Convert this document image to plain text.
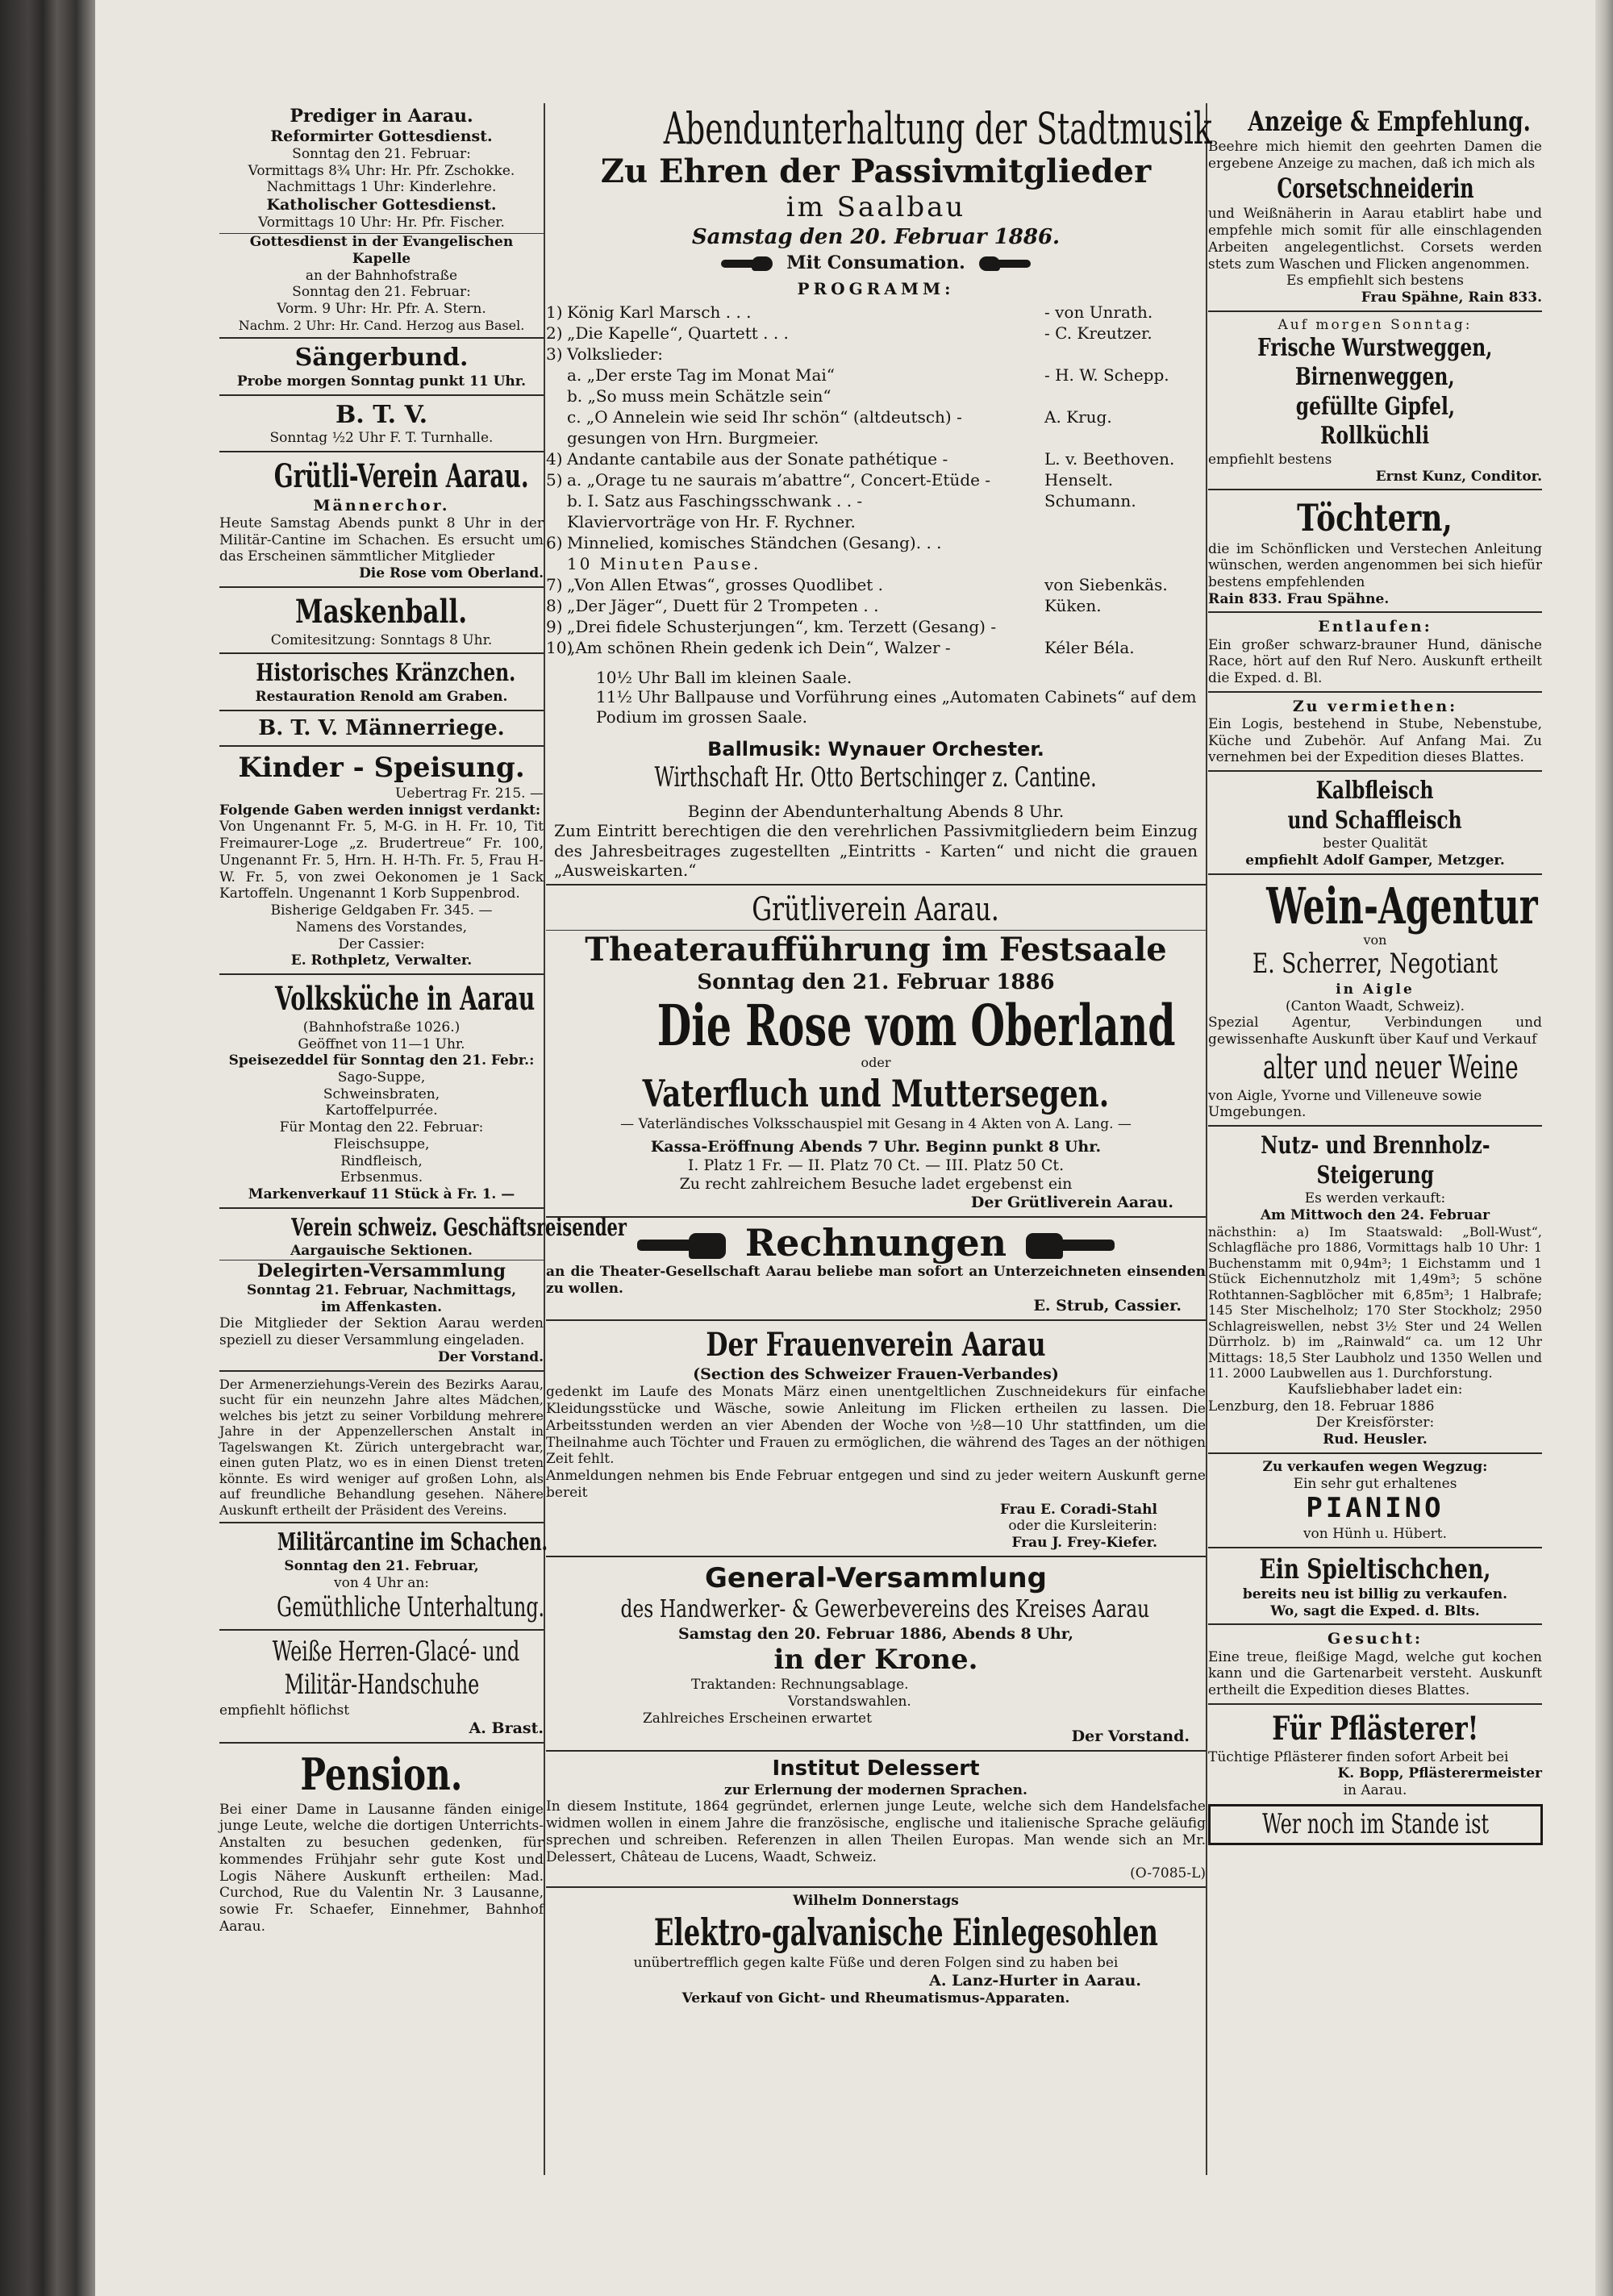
Prediger in Aarau.
Reformirter Gottesdienst.
Sonntag den 21. Februar:
Vormittags 8¾ Uhr: Hr. Pfr. Zschokke.
Nachmittags 1 Uhr: Kinderlehre.
Katholischer Gottesdienst.
Vormittags 10 Uhr: Hr. Pfr. Fischer.
Gottesdienst in der Evangelischen Kapelle
an der Bahnhofstraße
Sonntag den 21. Februar:
Vorm. 9 Uhr: Hr. Pfr. A. Stern.
Nachm. 2 Uhr: Hr. Cand. Herzog aus Basel.
Sängerbund.
Probe morgen Sonntag punkt 11 Uhr.
B. T. V.
Sonntag ½2 Uhr F. T. Turnhalle.
Grütli-Verein Aarau.
Männerchor.
Heute Samstag Abends punkt 8 Uhr in der Militär-Cantine im Schachen. Es ersucht um das Erscheinen sämmtlicher Mitglieder
Die Rose vom Oberland.
Maskenball.
Comitesitzung: Sonntags 8 Uhr.
Historisches Kränzchen.
Restauration Renold am Graben.
B. T. V. Männerriege.
Kinder - Speisung.
Uebertrag Fr. 215. —
Folgende Gaben werden innigst verdankt:
Von Ungenannt Fr. 5, M-G. in H. Fr. 10, Tit Freimaurer-Loge „z. Brudertreue“ Fr. 100, Ungenannt Fr. 5, Hrn. H. H-Th. Fr. 5, Frau H-W. Fr. 5, von zwei Oekonomen je 1 Sack Kartoffeln. Ungenannt 1 Korb Suppenbrod.
Bisherige Geldgaben Fr. 345. —
Namens des Vorstandes,
Der Cassier:
E. Rothpletz, Verwalter.
Volksküche in Aarau
(Bahnhofstraße 1026.)
Geöffnet von 11—1 Uhr.
Speisezeddel für Sonntag den 21. Febr.:
Sago-Suppe,
Schweinsbraten,
Kartoffelpurrée.
Für Montag den 22. Februar:
Fleischsuppe,
Rindfleisch,
Erbsenmus.
Markenverkauf 11 Stück à Fr. 1. —
Verein schweiz. Geschäftsreisender
Aargauische Sektionen.
Delegirten-Versammlung
Sonntag 21. Februar, Nachmittags,
im Affenkasten.
Die Mitglieder der Sektion Aarau werden speziell zu dieser Versammlung eingeladen.
Der Vorstand.
Der Armenerziehungs-Verein des Bezirks Aarau, sucht für ein neunzehn Jahre altes Mädchen, welches bis jetzt zu seiner Vorbildung mehrere Jahre in der Appenzellerschen Anstalt in Tagelswangen Kt. Zürich untergebracht war, einen guten Platz, wo es in einen Dienst treten könnte. Es wird weniger auf großen Lohn, als auf freundliche Behandlung gesehen. Nähere Auskunft ertheilt der Präsident des Vereins.
Militärcantine im Schachen.
Sonntag den 21. Februar,
von 4 Uhr an:
Gemüthliche Unterhaltung.
Weiße Herren-Glacé- und
Militär-Handschuhe
empfiehlt höflichst
A. Brast.
Pension.
Bei einer Dame in Lausanne fänden einige junge Leute, welche die dortigen Unterrichts-Anstalten zu besuchen gedenken, für kommendes Frühjahr sehr gute Kost und Logis Nähere Auskunft ertheilen: Mad. Curchod, Rue du Valentin Nr. 3 Lausanne, sowie Fr. Schaefer, Einnehmer, Bahnhof Aarau.
Abendunterhaltung der Stadtmusik
Zu Ehren der Passivmitglieder
im Saalbau
Samstag den 20. Februar 1886.
Mit Consumation.
PROGRAMM:
1) König Karl Marsch . . .	- von Unrath.
2) „Die Kapelle“, Quartett . . .	- C. Kreutzer.
3) Volkslieder:
a. „Der erste Tag im Monat Mai“	- H. W. Schepp.
b. „So muss mein Schätzle sein“
c. „O Annelein wie seid Ihr schön“ (altdeutsch) -	A. Krug.
gesungen von Hrn. Burgmeier.
4) Andante cantabile aus der Sonate pathétique -	L. v. Beethoven.
5) a. „Orage tu ne saurais m’abattre“, Concert-Etüde -	Henselt.
b. I. Satz aus Faschingsschwank . . -	Schumann.
Klaviervorträge von Hr. F. Rychner.
6) Minnelied, komisches Ständchen (Gesang). . .
10 Minuten Pause.
7) „Von Allen Etwas“, grosses Quodlibet .	von Siebenkäs.
8) „Der Jäger“, Duett für 2 Trompeten . .	Küken.
9) „Drei fidele Schusterjungen“, km. Terzett (Gesang) -
10)
„Am schönen Rhein gedenk ich Dein“, Walzer -	Kéler Béla.
10½ Uhr Ball im kleinen Saale.
11½ Uhr Ballpause und Vorführung eines „Automaten Cabinets“ auf dem Podium im grossen Saale.
Ballmusik: Wynauer Orchester.
Wirthschaft Hr. Otto Bertschinger z. Cantine.
Beginn der Abendunterhaltung Abends 8 Uhr.
Zum Eintritt berechtigen die den verehrlichen Passivmitgliedern beim Einzug des Jahresbeitrages zugestellten „Eintritts - Karten“ und nicht die grauen „Ausweiskarten.“
Grütliverein Aarau.
Theateraufführung im Festsaale
Sonntag den 21. Februar 1886
Die Rose vom Oberland
oder
Vaterfluch und Muttersegen.
— Vaterländisches Volksschauspiel mit Gesang in 4 Akten von A. Lang. —
Kassa-Eröffnung Abends 7 Uhr. Beginn punkt 8 Uhr.
I. Platz 1 Fr. — II. Platz 70 Ct. — III. Platz 50 Ct.
Zu recht zahlreichem Besuche ladet ergebenst ein
Der Grütliverein Aarau.
Rechnungen
an die Theater-Gesellschaft Aarau beliebe man sofort an Unterzeichneten einsenden zu wollen.
E. Strub, Cassier.
Der Frauenverein Aarau
(Section des Schweizer Frauen-Verbandes)
gedenkt im Laufe des Monats März einen unentgeltlichen Zuschneidekurs für einfache Kleidungsstücke und Wäsche, sowie Anleitung im Flicken ertheilen zu lassen. Die Arbeitsstunden werden an vier Abenden der Woche von ½8—10 Uhr stattfinden, um die Theilnahme auch Töchter und Frauen zu ermöglichen, die während des Tages an der nöthigen Zeit fehlt.
Anmeldungen nehmen bis Ende Februar entgegen und sind zu jeder weitern Auskunft gerne bereit
Frau E. Coradi-Stahl
oder die Kursleiterin:
Frau J. Frey-Kiefer.
General-Versammlung
des Handwerker- & Gewerbevereins des Kreises Aarau
Samstag den 20. Februar 1886, Abends 8 Uhr,
in der Krone.
Traktanden: Rechnungsablage.
Vorstandswahlen.
Zahlreiches Erscheinen erwartet
Der Vorstand.
Institut Delessert
zur Erlernung der modernen Sprachen.
In diesem Institute, 1864 gegründet, erlernen junge Leute, welche sich dem Handelsfache widmen wollen in einem Jahre die französische, englische und italienische Sprache geläufig sprechen und schreiben. Referenzen in allen Theilen Europas. Man wende sich an Mr. Delessert, Château de Lucens, Waadt, Schweiz.
(O-7085-L)
Wilhelm Donnerstags
Elektro-galvanische Einlegesohlen
unübertrefflich gegen kalte Füße und deren Folgen sind zu haben bei
A. Lanz-Hurter in Aarau.
Verkauf von Gicht- und Rheumatismus-Apparaten.
Anzeige & Empfehlung.
Beehre mich hiemit den geehrten Damen die ergebene Anzeige zu machen, daß ich mich als
Corsetschneiderin
und Weißnäherin in Aarau etablirt habe und empfehle mich somit für alle einschlagenden Arbeiten angelegentlichst. Corsets werden stets zum Waschen und Flicken angenommen.
Es empfiehlt sich bestens
Frau Spähne, Rain 833.
Auf morgen Sonntag:
Frische Wurstweggen,
Birnenweggen,
gefüllte Gipfel,
Rollküchli
empfiehlt bestens
Ernst Kunz, Conditor.
Töchtern,
die im Schönflicken und Verstechen Anleitung wünschen, werden angenommen bei sich hiefür bestens empfehlenden
Rain 833. Frau Spähne.
Entlaufen:
Ein großer schwarz-brauner Hund, dänische Race, hört auf den Ruf Nero. Auskunft ertheilt die Exped. d. Bl.
Zu vermiethen:
Ein Logis, bestehend in Stube, Nebenstube, Küche und Zubehör. Auf Anfang Mai. Zu vernehmen bei der Expedition dieses Blattes.
Kalbfleisch
und Schaffleisch
bester Qualität
empfiehlt Adolf Gamper, Metzger.
Wein-Agentur
von
E. Scherrer, Negotiant
in Aigle
(Canton Waadt, Schweiz).
Spezial Agentur, Verbindungen und gewissenhafte Auskunft über Kauf und Verkauf
alter und neuer Weine
von Aigle, Yvorne und Villeneuve sowie Umgebungen.
Nutz- und Brennholz-
Steigerung
Es werden verkauft:
Am Mittwoch den 24. Februar
nächsthin: a) Im Staatswald: „Boll-Wust“, Schlagfläche pro 1886, Vormittags halb 10 Uhr: 1 Buchenstamm mit 0,94m³; 1 Eichstamm und 1 Stück Eichennutzholz mit 1,49m³; 5 schöne Rothtannen-Sagblöcher mit 6,85m³; 1 Halbrafe; 145 Ster Mischelholz; 170 Ster Stockholz; 2950 Schlagreiswellen, nebst 3½ Ster und 24 Wellen Dürrholz. b) im „Rainwald“ ca. um 12 Uhr Mittags: 18,5 Ster Laubholz und 1350 Wellen und 11. 2000 Laubwellen aus 1. Durchforstung.
Kaufsliebhaber ladet ein:
Lenzburg, den 18. Februar 1886
Der Kreisförster:
Rud. Heusler.
Zu verkaufen wegen Wegzug:
Ein sehr gut erhaltenes
PIANINO
von Hünh u. Hübert.
Ein Spieltischchen,
bereits neu ist billig zu verkaufen.
Wo, sagt die Exped. d. Blts.
Gesucht:
Eine treue, fleißige Magd, welche gut kochen kann und die Gartenarbeit versteht. Auskunft ertheilt die Expedition dieses Blattes.
Für Pflästerer!
Tüchtige Pflästerer finden sofort Arbeit bei
K. Bopp, Pflästerermeister
in Aarau.
Wer noch im Stande ist
